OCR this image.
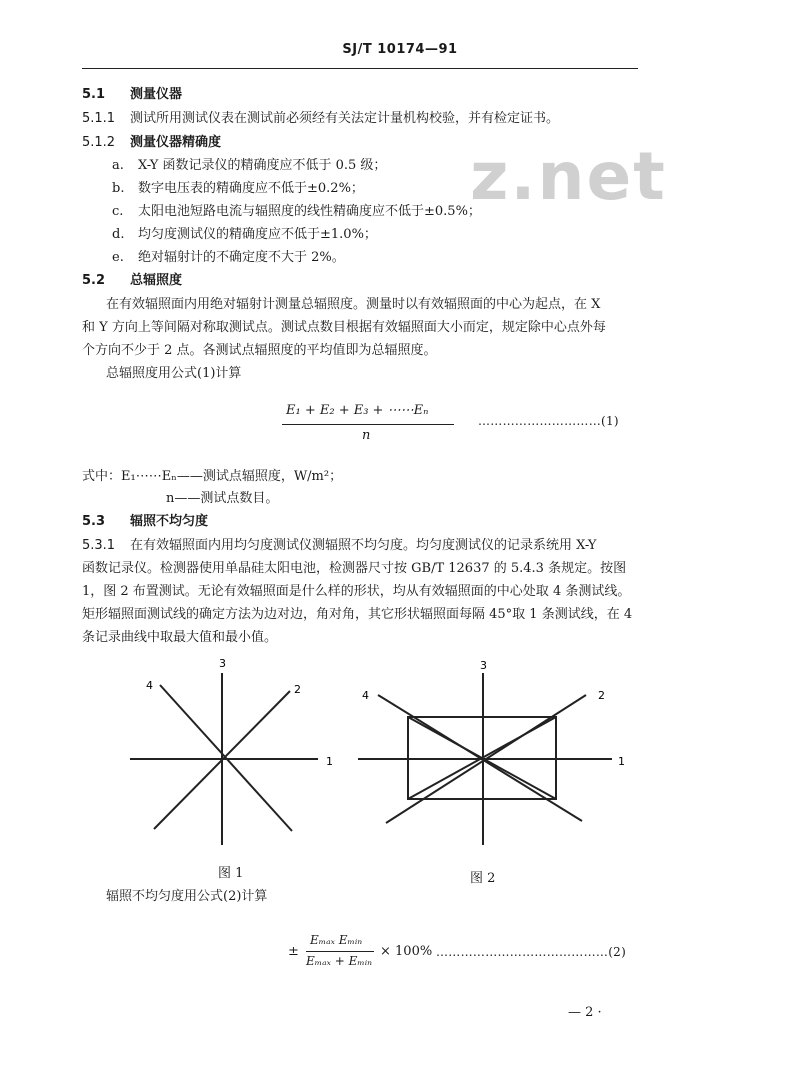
SJ/T 10174—91
z.net
5.1 测量仪器
5.1.1 测试所用测试仪表在测试前必须经有关法定计量机构校验，并有检定证书。
5.1.2 测量仪器精确度
a. X-Y 函数记录仪的精确度应不低于 0.5 级；
b. 数字电压表的精确度应不低于±0.2%；
c. 太阳电池短路电流与辐照度的线性精确度应不低于±0.5%；
d. 均匀度测试仪的精确度应不低于±1.0%；
e. 绝对辐射计的不确定度不大于 2%。
5.2 总辐照度
在有效辐照面内用绝对辐射计测量总辐照度。测量时以有效辐照面的中心为起点，在 X
和 Y 方向上等间隔对称取测试点。测试点数目根据有效辐照面大小而定，规定除中心点外每
个方向不少于 2 点。各测试点辐照度的平均值即为总辐照度。
总辐照度用公式(1)计算
E₁ + E₂ + E₃ + ⋯⋯Eₙ
n
…………………………(1)
式中：E₁⋯⋯Eₙ——测试点辐照度，W/m²；
n——测试点数目。
5.3 辐照不均匀度
5.3.1 在有效辐照面内用均匀度测试仪测辐照不均匀度。均匀度测试仪的记录系统用 X-Y
函数记录仪。检测器使用单晶硅太阳电池，检测器尺寸按 GB/T 12637 的 5.4.3 条规定。按图
1，图 2 布置测试。无论有效辐照面是什么样的形状，均从有效辐照面的中心处取 4 条测试线。
矩形辐照面测试线的确定方法为边对边，角对角，其它形状辐照面每隔 45°取 1 条测试线，在 4
条记录曲线中取最大值和最小值。
1
2
3
4
1
2
3
4
图 1	图 2
辐照不均匀度用公式(2)计算
±
Eₘₐₓ Eₘᵢₙ
Eₘₐₓ + Eₘᵢₙ
× 100% ……………………………………(2)
— 2 ·
